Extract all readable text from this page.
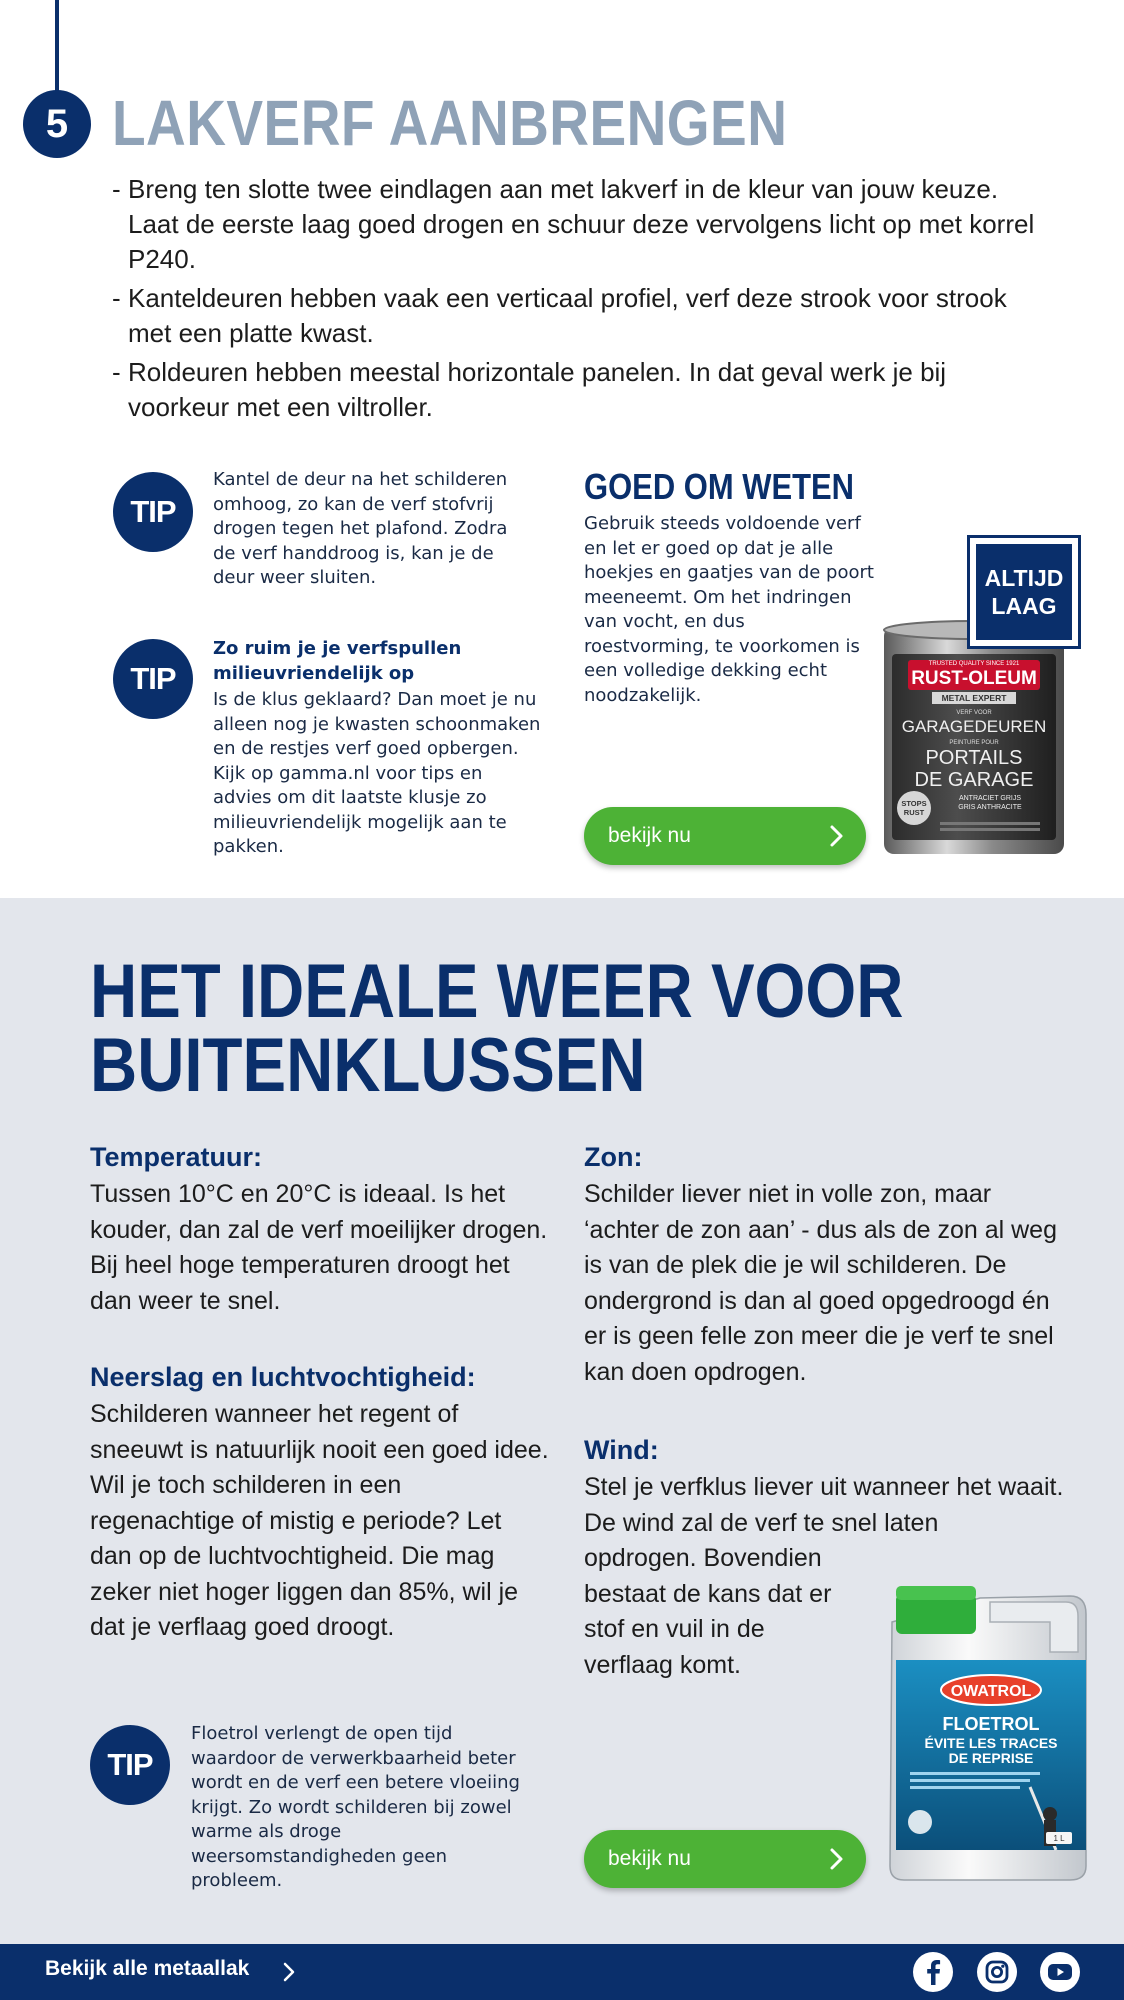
5 LAKVERF AANBRENGEN

- Breng ten slotte twee eindlagen aan met lakverf in de kleur van jouw keuze. Laat de eerste laag goed drogen en schuur deze vervolgens licht op met korrel P240.

- Kanteldeuren hebben vaak een verticaal profiel, verf deze strook voor strook met een platte kwast.

- Roldeuren hebben meestal horizontale panelen. In dat geval werk je bij voorkeur met een viltroller.

TIP
Kantel de deur na het schilderen omhoog, zo kan de verf stofvrij drogen tegen het plafond. Zodra de verf handdroog is, kan je de deur weer sluiten.
TIP
Zo ruim je je verfspullen milieuvriendelijk op
Is de klus geklaard? Dan moet je nu alleen nog je kwasten schoonmaken en de restjes verf goed opbergen. Kijk op gamma.nl voor tips en advies om dit laatste klusje zo milieuvriendelijk mogelijk aan te pakken.
GOED OM WETEN
Gebruik steeds voldoende verf en let er goed op dat je alle hoekjes en gaatjes van de poort meeneemt. Om het indringen van vocht, en dus roestvorming, te voorkomen is een volledige dekking echt noodzakelijk.
bekijk nu
TRUSTED QUALITY SINCE 1921
RUST-OLEUM
METAL EXPERT
VERF VOOR
GARAGEDEUREN
PEINTURE POUR
PORTAILS
DE GARAGE
STOPS
RUST
ANTRACIET GRIJS
GRIS ANTHRACITE
ALTIJD
LAAG
HET IDEALE WEER VOOR
BUITENKLUSSEN
Temperatuur:
Tussen 10°C en 20°C is ideaal. Is het kouder, dan zal de verf moeilijker drogen. Bij heel hoge temperaturen droogt het dan weer te snel.
Neerslag en luchtvochtigheid:
Schilderen wanneer het regent of sneeuwt is natuurlijk nooit een goed idee. Wil je toch schilderen in een regenachtige of mistig e periode? Let dan op de luchtvochtigheid. Die mag zeker niet hoger liggen dan 85%, wil je dat je verflaag goed droogt.
Zon:
Schilder liever niet in volle zon, maar ‘achter de zon aan’ - dus als de zon al weg is van de plek die je wil schilderen. De ondergrond is dan al goed opgedroogd én er is geen felle zon meer die je verf te snel kan doen opdrogen.
Wind:
Stel je verfklus liever uit wanneer het waait. De wind zal de verf te snel laten
opdrogen. Bovendien bestaat de kans dat er stof en vuil in de verflaag komt.
TIP
Floetrol verlengt de open tijd waardoor de verwerkbaarheid beter wordt en de verf een betere vloeiing krijgt. Zo wordt schilderen bij zowel warme als droge weersomstandigheden geen probleem.
bekijk nu
OWATROL
FLOETROL
ÉVITE LES TRACES
DE REPRISE
1 L
Bekijk alle metaallak
